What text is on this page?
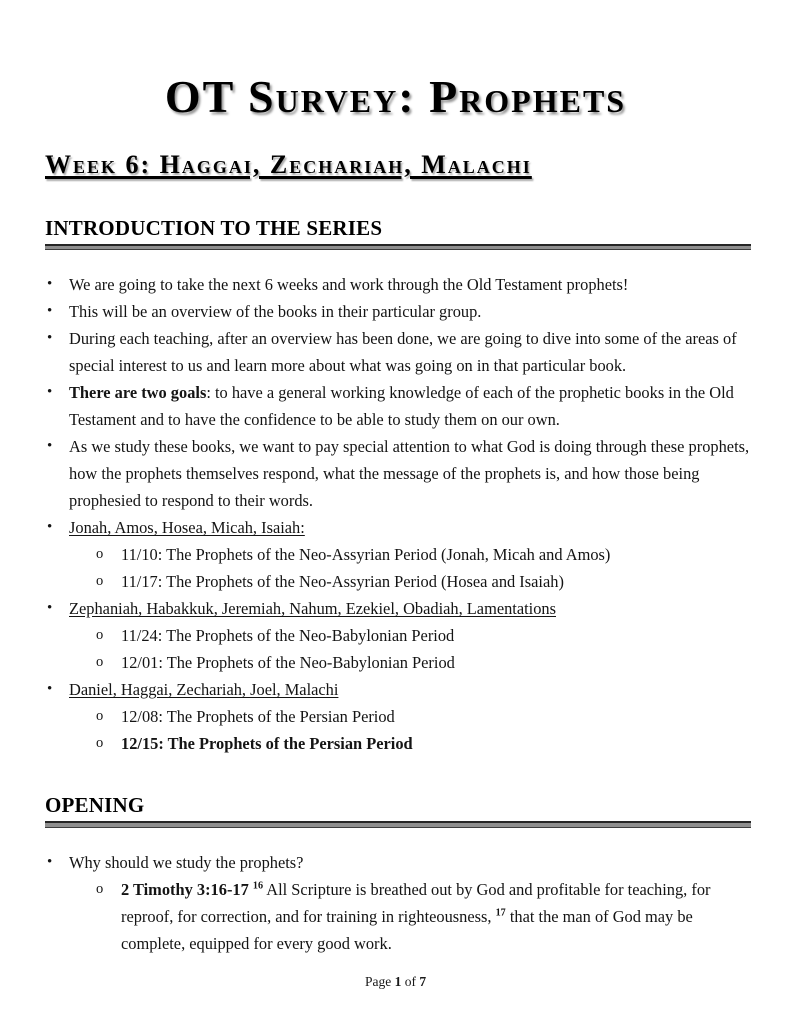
OT Survey: Prophets
Week 6: Haggai, Zechariah, Malachi
INTRODUCTION TO THE SERIES
•	We are going to take the next 6 weeks and work through the Old Testament prophets!
•	This will be an overview of the books in their particular group.
•	During each teaching, after an overview has been done, we are going to dive into some of the areas of special interest to us and learn more about what was going on in that particular book.
•	There are two goals: to have a general working knowledge of each of the prophetic books in the Old Testament and to have the confidence to be able to study them on our own.
•	As we study these books, we want to pay special attention to what God is doing through these prophets, how the prophets themselves respond, what the message of the prophets is, and how those being prophesied to respond to their words.
•	Jonah, Amos, Hosea, Micah, Isaiah:
o	11/10: The Prophets of the Neo-Assyrian Period (Jonah, Micah and Amos)
o	11/17: The Prophets of the Neo-Assyrian Period (Hosea and Isaiah)
•	Zephaniah, Habakkuk, Jeremiah, Nahum, Ezekiel, Obadiah, Lamentations
o	11/24: The Prophets of the Neo-Babylonian Period
o	12/01: The Prophets of the Neo-Babylonian Period
•	Daniel, Haggai, Zechariah, Joel, Malachi
o	12/08: The Prophets of the Persian Period
o	12/15: The Prophets of the Persian Period
OPENING
•	Why should we study the prophets?
o	2 Timothy 3:16-17 $^{16}$ All Scripture is breathed out by God and profitable for teaching, for reproof, for correction, and for training in righteousness, $^{17}$ that the man of God may be complete, equipped for every good work.
Page 1 of 7
